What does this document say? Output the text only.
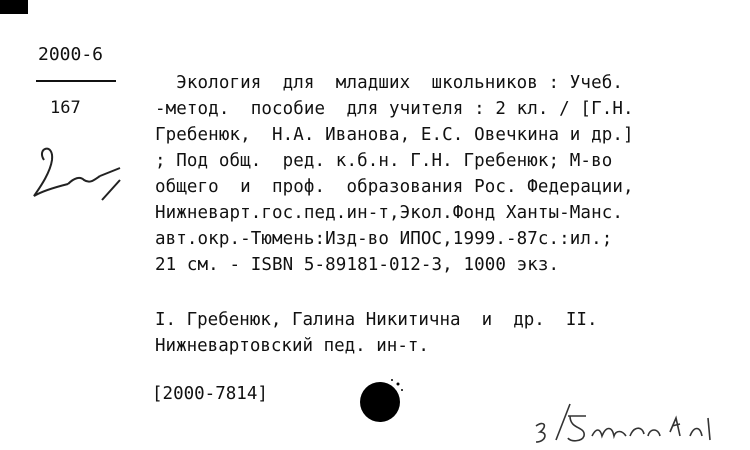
2000-6
167
Экология  для  младших  школьников : Учеб.
-метод.  пособие  для учителя : 2 кл. / [Г.Н.
Гребенюк,  Н.А. Иванова, Е.С. Овечкина и др.]
; Под общ.  ред. к.б.н. Г.Н. Гребенюк; М-во
общего  и  проф.  образования Рос. Федерации,
Нижневарт.гос.пед.ин-т,Экол.Фонд Ханты-Манс.
авт.окр.-Тюмень:Изд-во ИПОС,1999.-87с.:ил.;
21 см. - ISBN 5-89181-012-3, 1000 экз.
I. Гребенюк, Галина Никитична  и  др.  II.
Нижневартовский пед. ин-т.
[2000-7814]
